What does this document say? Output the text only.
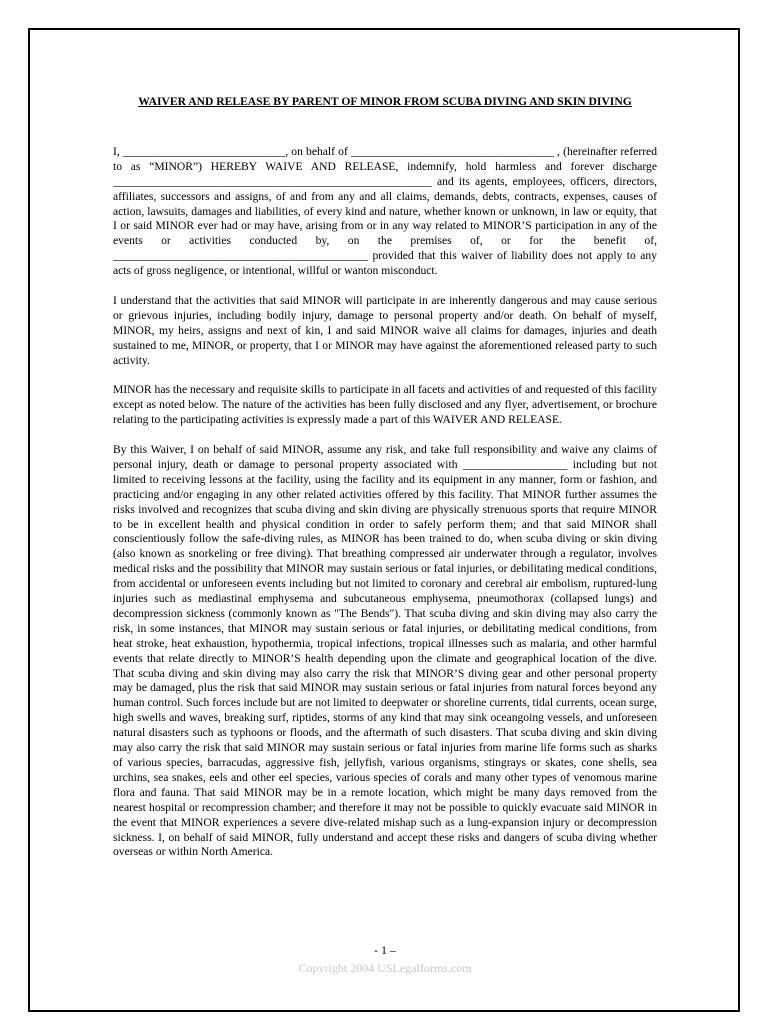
WAIVER AND RELEASE BY PARENT OF MINOR FROM SCUBA DIVING AND SKIN DIVING

I, ____________________________, on behalf of ___________________________________ , (hereinafter referred to as “MINOR”) HEREBY WAIVE AND RELEASE, indemnify, hold harmless and forever discharge _______________________________________________________ and its agents, employees, officers, directors, affiliates, successors and assigns, of and from any and all claims, demands, debts, contracts, expenses, causes of action, lawsuits, damages and liabilities, of every kind and nature, whether known or unknown, in law or equity, that I or said MINOR ever had or may have, arising from or in any way related to MINOR’S participation in any of the events or activities conducted by, on the premises of, or for the benefit of, ____________________________________________ provided that this waiver of liability does not apply to any acts of gross negligence, or intentional, willful or wanton misconduct.

I understand that the activities that said MINOR will participate in are inherently dangerous and may cause serious or grievous injuries, including bodily injury, damage to personal property and/or death. On behalf of myself, MINOR, my heirs, assigns and next of kin, I and said MINOR waive all claims for damages, injuries and death sustained to me, MINOR, or property, that I or MINOR may have against the aforementioned released party to such activity.

MINOR has the necessary and requisite skills to participate in all facets and activities of and requested of this facility except as noted below. The nature of the activities has been fully disclosed and any flyer, advertisement, or brochure relating to the participating activities is expressly made a part of this WAIVER AND RELEASE.

By this Waiver, I on behalf of said MINOR, assume any risk, and take full responsibility and waive any claims of personal injury, death or damage to personal property associated with __________________ including but not limited to receiving lessons at the facility, using the facility and its equipment in any manner, form or fashion, and practicing and/or engaging in any other related activities offered by this facility. That MINOR further assumes the risks involved and recognizes that scuba diving and skin diving are physically strenuous sports that require MINOR to be in excellent health and physical condition in order to safely perform them; and that said MINOR shall conscientiously follow the safe-diving rules, as MINOR has been trained to do, when scuba diving or skin diving (also known as snorkeling or free diving). That breathing compressed air underwater through a regulator, involves medical risks and the possibility that MINOR may sustain serious or fatal injuries, or debilitating medical conditions, from accidental or unforeseen events including but not limited to coronary and cerebral air embolism, ruptured-lung injuries such as mediastinal emphysema and subcutaneous emphysema, pneumothorax (collapsed lungs) and decompression sickness (commonly known as "The Bends"). That scuba diving and skin diving may also carry the risk, in some instances, that MINOR may sustain serious or fatal injuries, or debilitating medical conditions, from heat stroke, heat exhaustion, hypothermia, tropical infections, tropical illnesses such as malaria, and other harmful events that relate directly to MINOR’S health depending upon the climate and geographical location of the dive. That scuba diving and skin diving may also carry the risk that MINOR’S diving gear and other personal property may be damaged, plus the risk that said MINOR may sustain serious or fatal injuries from natural forces beyond any human control. Such forces include but are not limited to deepwater or shoreline currents, tidal currents, ocean surge, high swells and waves, breaking surf, riptides, storms of any kind that may sink oceangoing vessels, and unforeseen natural disasters such as typhoons or floods, and the aftermath of such disasters. That scuba diving and skin diving may also carry the risk that said MINOR may sustain serious or fatal injuries from marine life forms such as sharks of various species, barracudas, aggressive fish, jellyfish, various organisms, stingrays or skates, cone shells, sea urchins, sea snakes, eels and other eel species, various species of corals and many other types of venomous marine flora and fauna. That said MINOR may be in a remote location, which might be many days removed from the nearest hospital or recompression chamber; and therefore it may not be possible to quickly evacuate said MINOR in the event that MINOR experiences a severe dive-related mishap such as a lung-expansion injury or decompression sickness. I, on behalf of said MINOR, fully understand and accept these risks and dangers of scuba diving whether overseas or within North America.

- 1 –
Copyright 2004 USLegalforms.com
